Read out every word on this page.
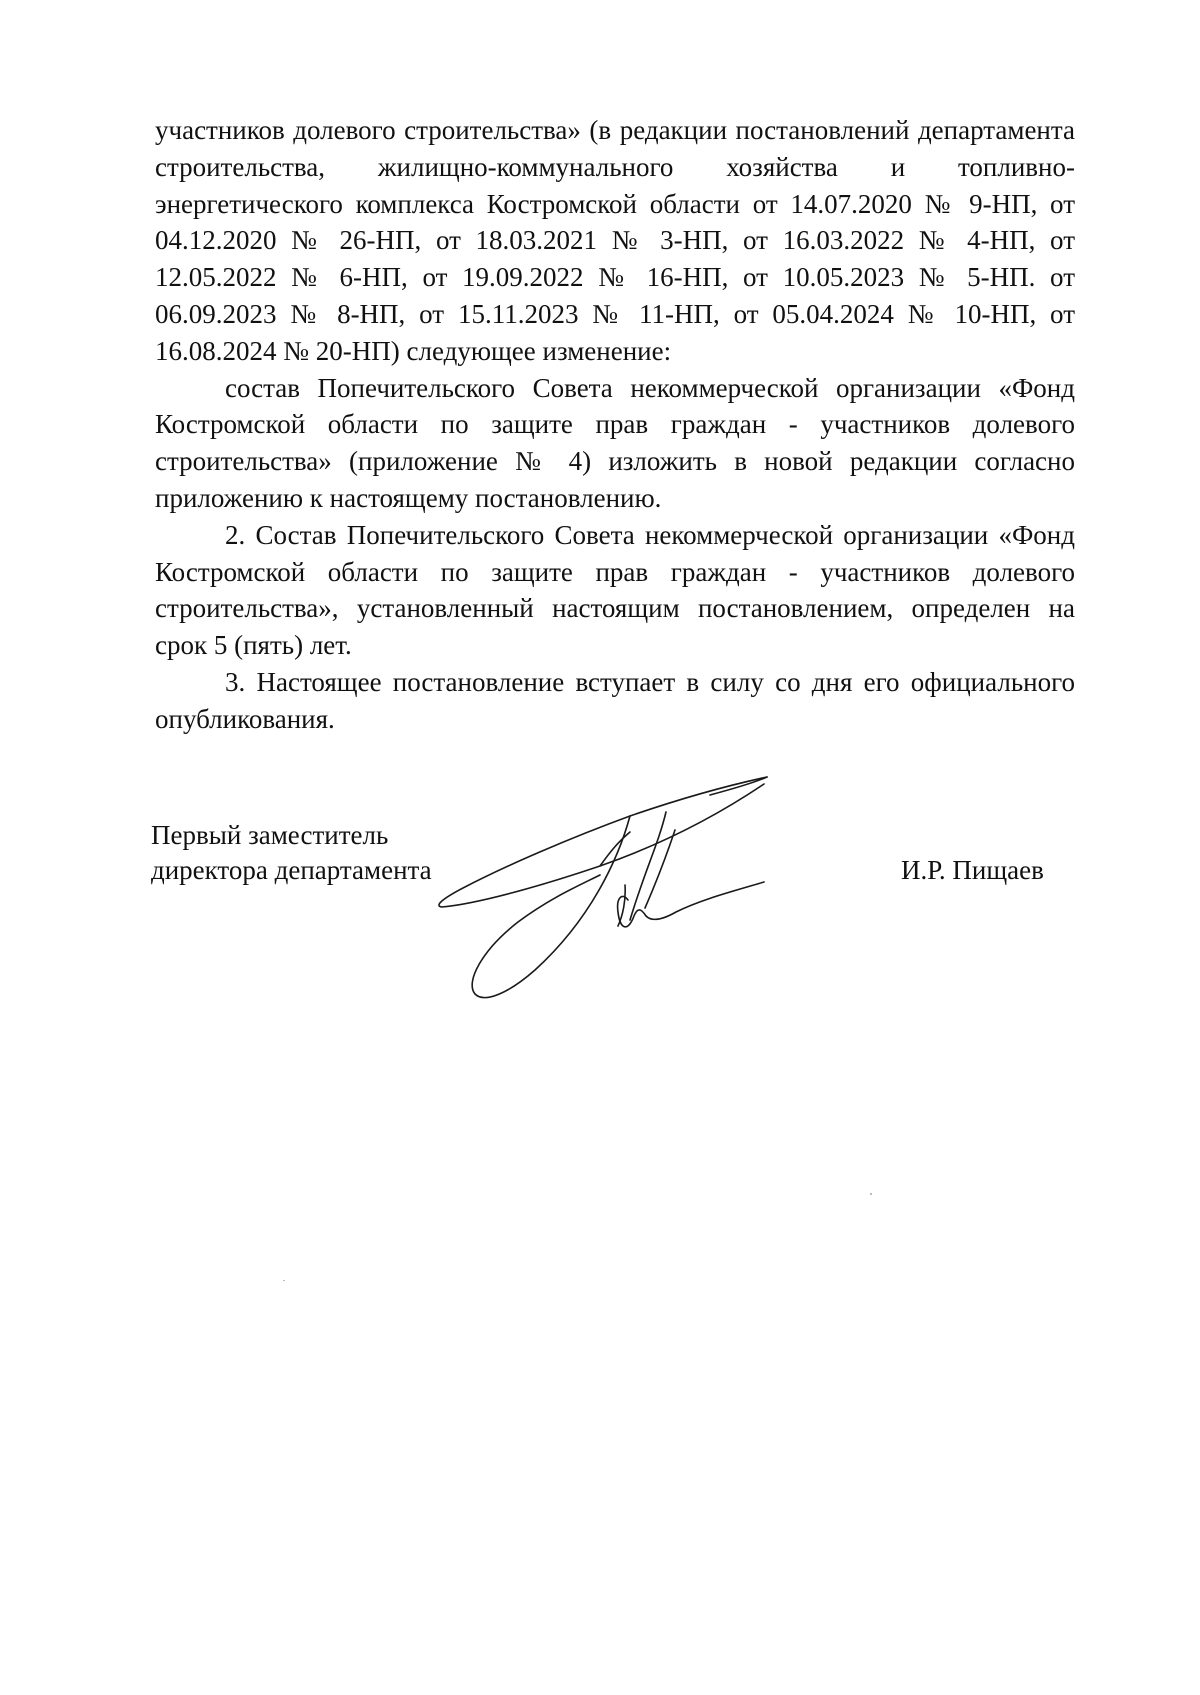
участников долевого строительства» (в редакции постановлений департамента строительства, жилищно-коммунального хозяйства и топливно-энергетического комплекса Костромской области от 14.07.2020 № 9-НП, от 04.12.2020 № 26-НП, от 18.03.2021 № 3-НП, от 16.03.2022 № 4-НП, от 12.05.2022 № 6-НП, от 19.09.2022 № 16-НП, от 10.05.2023 № 5-НП. от 06.09.2023 № 8-НП, от 15.11.2023 № 11-НП, от 05.04.2024 № 10-НП, от 16.08.2024 № 20-НП) следующее изменение:

состав Попечительского Совета некоммерческой организации «Фонд Костромской области по защите прав граждан - участников долевого строительства» (приложение № 4) изложить в новой редакции согласно приложению к настоящему постановлению.

2. Состав Попечительского Совета некоммерческой организации «Фонд Костромской области по защите прав граждан - участников долевого строительства», установленный настоящим постановлением, определен на срок 5 (пять) лет.

3. Настоящее постановление вступает в силу со дня его официального опубликования.

Первый заместитель
директора департамента	И.Р. Пищаев
